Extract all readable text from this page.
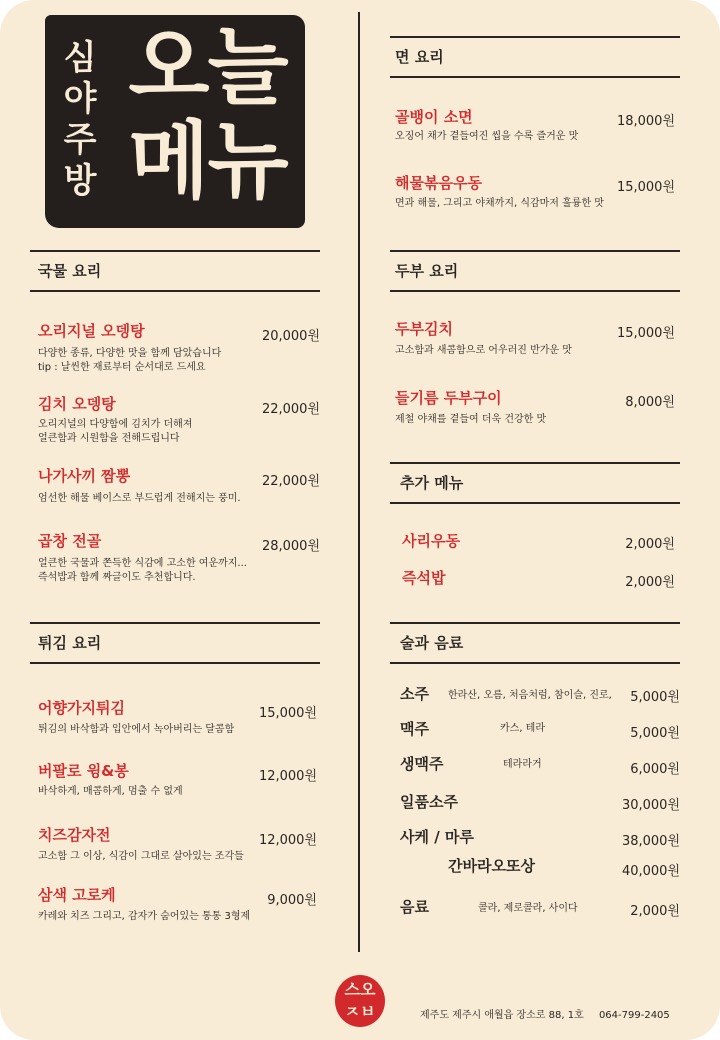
심
야
주
방
오늘
메뉴
국물 요리
오리지널 오뎅탕	20,000원
다양한 종류, 다양한 맛을 함께 담았습니다
tip : 날씬한 재료부터 순서대로 드세요
김치 오뎅탕	22,000원
오리지널의 다양함에 김치가 더해져
얼큰함과 시원함을 전해드립니다
나가사끼 짬뽕	22,000원
엄선한 해물 베이스로 부드럽게 전해지는 풍미.
곱창 전골	28,000원
얼큰한 국물과 쫀득한 식감에 고소한 여운까지...
즉석밥과 함께 짜글이도 추천합니다.
튀김 요리
어향가지튀김	15,000원
튀김의 바삭함과 입안에서 녹아버리는 달콤함
버팔로 윙&봉	12,000원
바삭하게, 매콤하게, 멈출 수 없게
치즈감자전	12,000원
고소함 그 이상, 식감이 그대로 살아있는 조각들
삼색 고로케	9,000원
카레와 치즈 그리고, 감자가 숨어있는 통통 3형제
면 요리
골뱅이 소면	18,000원
오징어 채가 곁들여진 씹을 수록 즐거운 맛
해물볶음우동	15,000원
면과 해물, 그리고 야채까지, 식감마저 훌륭한 맛
두부 요리
두부김치	15,000원
고소함과 새콤함으로 어우러진 반가운 맛
들기름 두부구이	8,000원
제철 야채를 곁들여 더욱 건강한 맛
추가 메뉴
사리우동	2,000원
즉석밥	2,000원
술과 음료
소주 한라산, 오름, 처음처럼, 참이슬, 진로, 5,000원
맥주	카스, 테라	5,000원
생맥주	테라라거	6,000원
일품소주	30,000원
사케 / 마루	38,000원
간바라오또상	40,000원
음료	콜라, 제로콜라, 사이다	2,000원
스오
ㅈㅂ	제주도 제주시 애월읍 장소로 88, 1호 064-799-2405
